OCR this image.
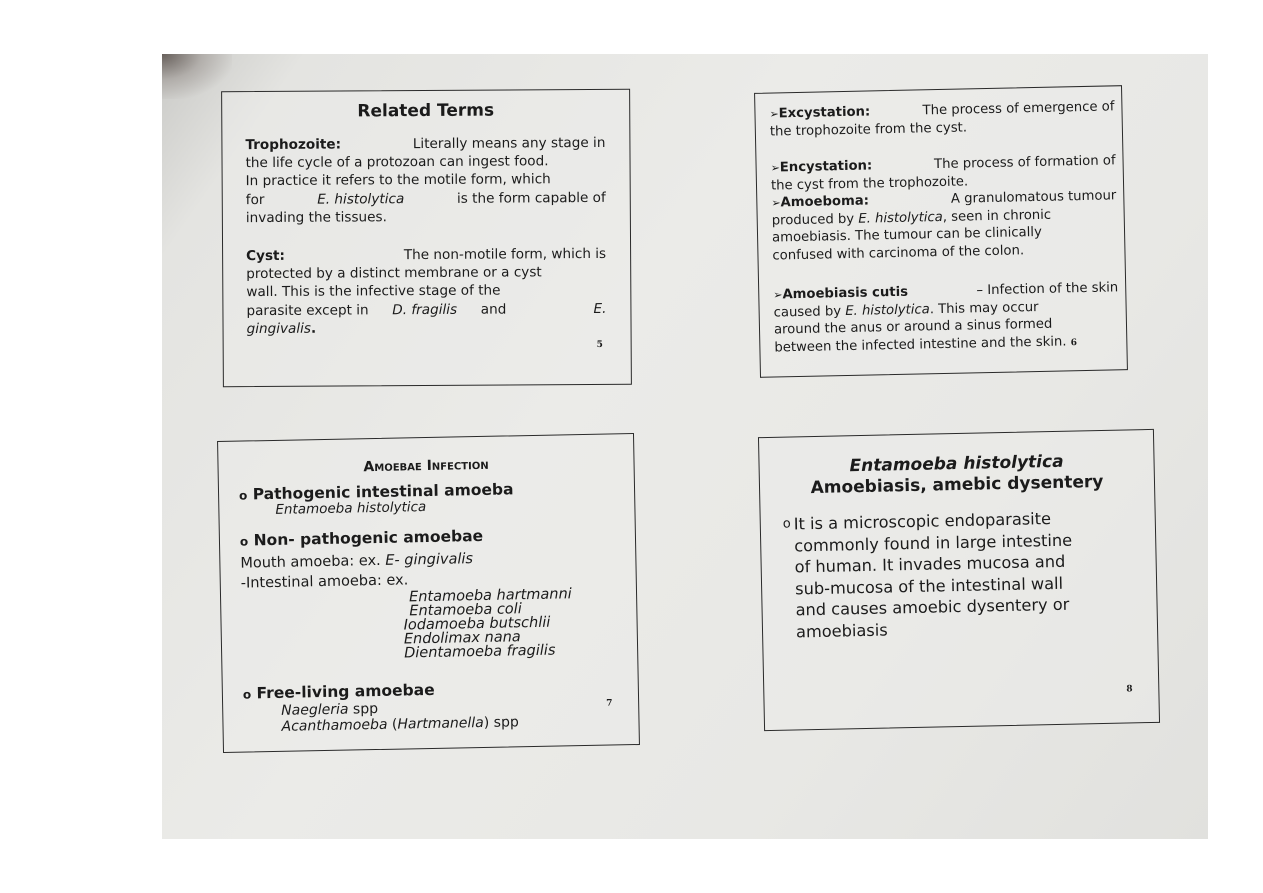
Related Terms
Trophozoite:	Literally means any stage in
the life cycle of a protozoan can ingest food.
In practice it refers to the motile form, which
for	E. histolytica	is the form capable of
invading the tissues.
Cyst:	The non-motile form, which is
protected by a distinct membrane or a cyst
wall. This is the infective stage of the
parasite except in D. fragilis and	E.
gingivalis.
5
➢Excystation:	The process of emergence of
the trophozoite from the cyst.
➢Encystation:	The process of formation of
the cyst from the trophozoite.
➢Amoeboma:	A granulomatous tumour
produced by E. histolytica, seen in chronic
amoebiasis. The tumour can be clinically
confused with carcinoma of the colon.
➢Amoebiasis cutis	– Infection of the skin
caused by E. histolytica. This may occur
around the anus or around a sinus formed
between the infected intestine and the skin. 6
Amoebae Infection
o Pathogenic intestinal amoeba
Entamoeba histolytica
o Non- pathogenic amoebae
Mouth amoeba: ex. E- gingivalis
-Intestinal amoeba: ex.
Entamoeba hartmanni
Entamoeba coli
Iodamoeba butschlii
Endolimax nana
Dientamoeba fragilis
o Free-living amoebae
Naegleria spp
Acanthamoeba (Hartmanella) spp
7
Entamoeba histolytica
Amoebiasis, amebic dysentery
o It is a microscopic endoparasite
commonly found in large intestine
of human. It invades mucosa and
sub-mucosa of the intestinal wall
and causes amoebic dysentery or
amoebiasis
8
